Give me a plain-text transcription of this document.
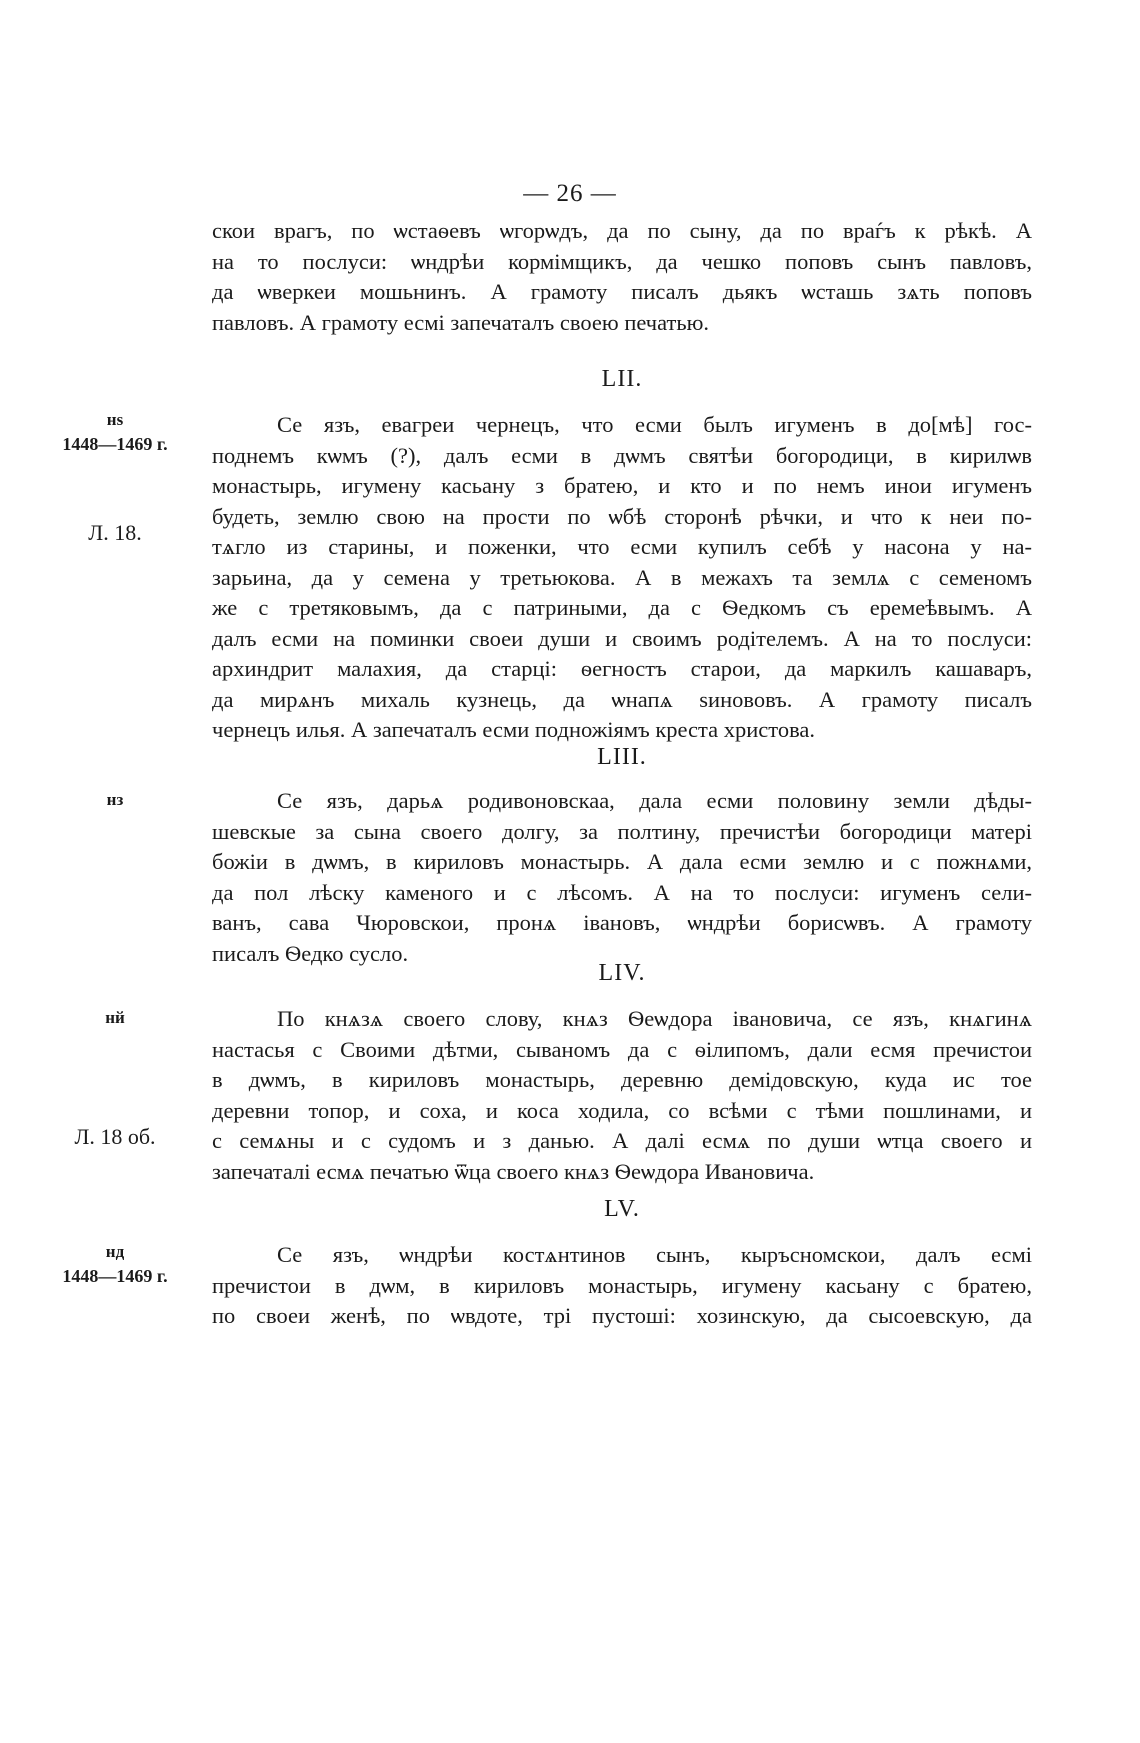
— 26 —
скои врагъ, по ѡстаѳевъ ѡгорѡдъ, да по сыну, да по враѓъ к рѣкѣ. А
на то послуси: ѡндрѣи кормімщикъ, да чешко поповъ сынъ павловъ,
да ѡверкеи мошьнинъ. А грамоту писалъ дьякъ ѡсташь зѧть поповъ
павловъ. А грамоту есмі запечаталъ своею печатью.
LII.
нѕ
1448—1469 г.
Л. 18.
Се язъ, евагреи чернецъ, что есми былъ игуменъ в до[мѣ] гос-
поднемъ кѡмъ (?), далъ есми в дѡмъ святѣи богородици, в кирилѡв
монастырь, игумену касьану з братею, и кто и по немъ инои игуменъ
будеть, землю свою на прости по ѡбѣ сторонѣ рѣчки, и что к неи по-
тѧгло из старины, и поженки, что есми купилъ себѣ у насона у на-
зарьина, да у семена у третьюкова. А в межахъ та землѧ с семеномъ
же с третяковымъ, да с патриными, да с Ѳедкомъ съ еремеѣвымъ. А
далъ есми на поминки своеи души и своимъ родітелемъ. А на то послуси:
архиндрит малахия, да старці: ѳегностъ старои, да маркилъ кашаваръ,
да мирѧнъ михаль кузнець, да ѡнапѧ ѕинововъ. А грамоту писалъ
чернецъ илья. А запечаталъ есми подножіямъ креста христова.
LIII.
нз	Се язъ, дарьѧ родивоновскаа, дала есми половину земли дѣды-
шевскые за сына своего долгу, за полтину, пречистѣи богородици матері
божіи в дѡмъ, в кириловъ монастырь. А дала есми землю и с пожнѧми,
да пол лѣску каменого и с лѣсомъ. А на то послуси: игуменъ сели-
ванъ, сава Чюровскои, пронѧ івановъ, ѡндрѣи борисѡвъ. А грамоту
писалъ Ѳедко сусло.
LIV.
нй
Л. 18 об.
По кнѧзѧ своего слову, кнѧз Ѳеѡдора івановича, се язъ, кнѧгинѧ
настасья с Своими дѣтми, сываномъ да с ѳілипомъ, дали есмя пречистои
в дѡмъ, в кириловъ монастырь, деревню демідовскую, куда ис тое
деревни топор, и соха, и коса ходила, со всѣми с тѣми пошлинами, и
с семѧны и с судомъ и з данью. А далі есмѧ по души ѡтца своего и
запечаталі есмѧ печатью ѿца своего кнѧз Ѳеѡдора Ивановича.
LV.
нд
1448—1469 г.
Се язъ, ѡндрѣи костѧнтинов сынъ, кыръсномскои, далъ есмі
пречистои в дѡм, в кириловъ монастырь, игумену касьану с братею,
по своеи женѣ, по ѡвдоте, трі пустоші: хозинскую, да сысоевскую, да
